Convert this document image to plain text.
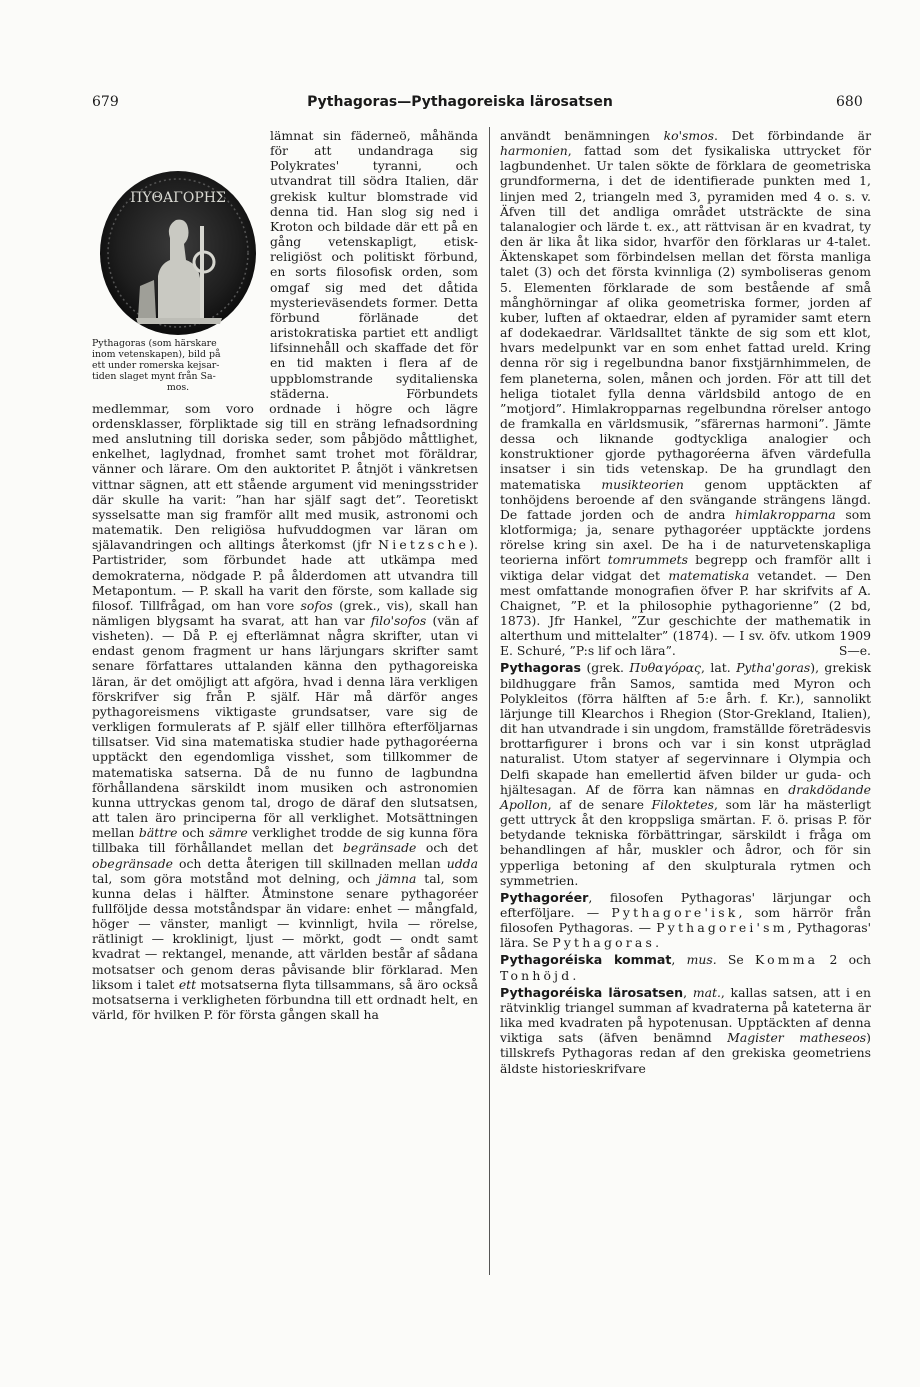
679	Pythagoras—Pythagoreiska lärosatsen	680
ΠΥΘΑΓΟΡΗΣ
Pythagoras (som härskare
inom vetenskapen), bild på
ett under romerska kejsar-
tiden slaget mynt från Sa-
mos.

lämnat sin fäderneö, måhända för att undandraga sig Polykrates' tyranni, och utvandrat till södra Italien, där grekisk kultur blomstrade vid denna tid. Han slog sig ned i Kroton och bildade där ett på en gång vetenskapligt, etisk-religiöst och politiskt förbund, en sorts filosofisk orden, som omgaf sig med det dåtida mysterieväsendets former. Detta förbund förlänade det aristokratiska partiet ett andligt lifsinnehåll och skaffade det för en tid makten i flera af de uppblomstrande syditalienska städerna. Förbundets medlemmar, som voro ordnade i högre och lägre ordensklasser, förpliktade sig till en sträng lefnadsordning med anslutning till doriska seder, som påbjödo måttlighet, enkelhet, laglydnad, fromhet samt trohet mot föräldrar, vänner och lärare. Om den auktoritet P. åtnjöt i vänkretsen vittnar sägnen, att ett stående argument vid meningsstrider där skulle ha varit: ”han har själf sagt det”. Teoretiskt sysselsatte man sig framför allt med musik, astronomi och matematik. Den religiösa hufvuddogmen var läran om själavandringen och alltings återkomst (jfr Nietzsche). Partistrider, som förbundet hade att utkämpa med demokraterna, nödgade P. på ålderdomen att utvandra till Metapontum. — P. skall ha varit den förste, som kallade sig filosof. Tillfrågad, om han vore sofos (grek., vis), skall han nämligen blygsamt ha svarat, att han var filo'sofos (vän af visheten). — Då P. ej efterlämnat några skrifter, utan vi endast genom fragment ur hans lärjungars skrifter samt senare författares uttalanden känna den pythagoreiska läran, är det omöjligt att afgöra, hvad i denna lära verkligen förskrifver sig från P. själf. Här må därför anges pythagoreismens viktigaste grundsatser, vare sig de verkligen formulerats af P. själf eller tillhöra efterföljarnas tillsatser. Vid sina matematiska studier hade pythagoréerna upptäckt den egendomliga visshet, som tillkommer de matematiska satserna. Då de nu funno de lagbundna förhållandena särskildt inom musiken och astronomien kunna uttryckas genom tal, drogo de däraf den slutsatsen, att talen äro principerna för all verklighet. Motsättningen mellan bättre och sämre verklighet trodde de sig kunna föra tillbaka till förhållandet mellan det begränsade och det obegränsade och detta återigen till skillnaden mellan udda tal, som göra motstånd mot delning, och jämna tal, som kunna delas i hälfter. Åtminstone senare pythagoréer fullföljde dessa motståndspar än vidare: enhet — mångfald, höger — vänster, manligt — kvinnligt, hvila — rörelse, rätlinigt — kroklinigt, ljust — mörkt, godt — ondt samt kvadrat — rektangel, menande, att världen består af sådana motsatser och genom deras påvisande blir förklarad. Men liksom i talet ett motsatserna flyta tillsammans, så äro också motsatserna i verkligheten förbundna till ett ordnadt helt, en värld, för hvilken P. för första gången skall ha

användt benämningen ko'smos. Det förbindande är harmonien, fattad som det fysikaliska uttrycket för lagbundenhet. Ur talen sökte de förklara de geometriska grundformerna, i det de identifierade punkten med 1, linjen med 2, triangeln med 3, pyramiden med 4 o. s. v. Äfven till det andliga området utsträckte de sina talanalogier och lärde t. ex., att rättvisan är en kvadrat, ty den är lika åt lika sidor, hvarför den förklaras ur 4-talet. Äktenskapet som förbindelsen mellan det första manliga talet (3) och det första kvinnliga (2) symboliseras genom 5. Elementen förklarade de som bestående af små månghörningar af olika geometriska former, jorden af kuber, luften af oktaedrar, elden af pyramider samt etern af dodekaedrar. Världsalltet tänkte de sig som ett klot, hvars medelpunkt var en som enhet fattad ureld. Kring denna rör sig i regelbundna banor fixstjärnhimmelen, de fem planeterna, solen, månen och jorden. För att till det heliga tiotalet fylla denna världsbild antogo de en ”motjord”. Himlakropparnas regelbundna rörelser antogo de framkalla en världsmusik, ”sfärernas harmoni”. Jämte dessa och liknande godtyckliga analogier och konstruktioner gjorde pythagoréerna äfven värdefulla insatser i sin tids vetenskap. De ha grundlagt den matematiska musikteorien genom upptäckten af tonhöjdens beroende af den svängande strängens längd. De fattade jorden och de andra himlakropparna som klotformiga; ja, senare pythagoréer upptäckte jordens rörelse kring sin axel. De ha i de naturvetenskapliga teorierna infört tomrummets begrepp och framför allt i viktiga delar vidgat det matematiska vetandet. — Den mest omfattande monografien öfver P. har skrifvits af A. Chaignet, ”P. et la philosophie pythagorienne” (2 bd, 1873). Jfr Hankel, ”Zur geschichte der mathematik in alterthum und mittelalter” (1874). — I sv. öfv. utkom 1909 E. Schuré, ”P:s lif och lära”.	S—e.

Pythagoras (grek. Πυθαγόρας, lat. Pytha'goras), grekisk bildhuggare från Samos, samtida med Myron och Polykleitos (förra hälften af 5:e årh. f. Kr.), sannolikt lärjunge till Klearchos i Rhegion (Stor-Grekland, Italien), dit han utvandrade i sin ungdom, framställde företrädesvis brottarfigurer i brons och var i sin konst utpräglad naturalist. Utom statyer af segervinnare i Olympia och Delfi skapade han emellertid äfven bilder ur guda- och hjältesagan. Af de förra kan nämnas en drakdödande Apollon, af de senare Filoktetes, som lär ha mästerligt gett uttryck åt den kroppsliga smärtan. F. ö. prisas P. för betydande tekniska förbättringar, särskildt i fråga om behandlingen af hår, muskler och ådror, och för sin ypperliga betoning af den skulpturala rytmen och symmetrien.

Pythagoréer, filosofen Pythagoras' lärjungar och efterföljare. — Pythagore'isk, som härrör från filosofen Pythagoras. — Pythagorei'sm, Pythagoras' lära. Se Pythagoras.

Pythagoréiska kommat, mus. Se Komma 2 och Tonhöjd.

Pythagoréiska lärosatsen, mat., kallas satsen, att i en rätvinklig triangel summan af kvadraterna på kateterna är lika med kvadraten på hypotenusan. Upptäckten af denna viktiga sats (äfven benämnd Magister matheseos) tillskrefs Pythagoras redan af den grekiska geometriens äldste historieskrifvare
